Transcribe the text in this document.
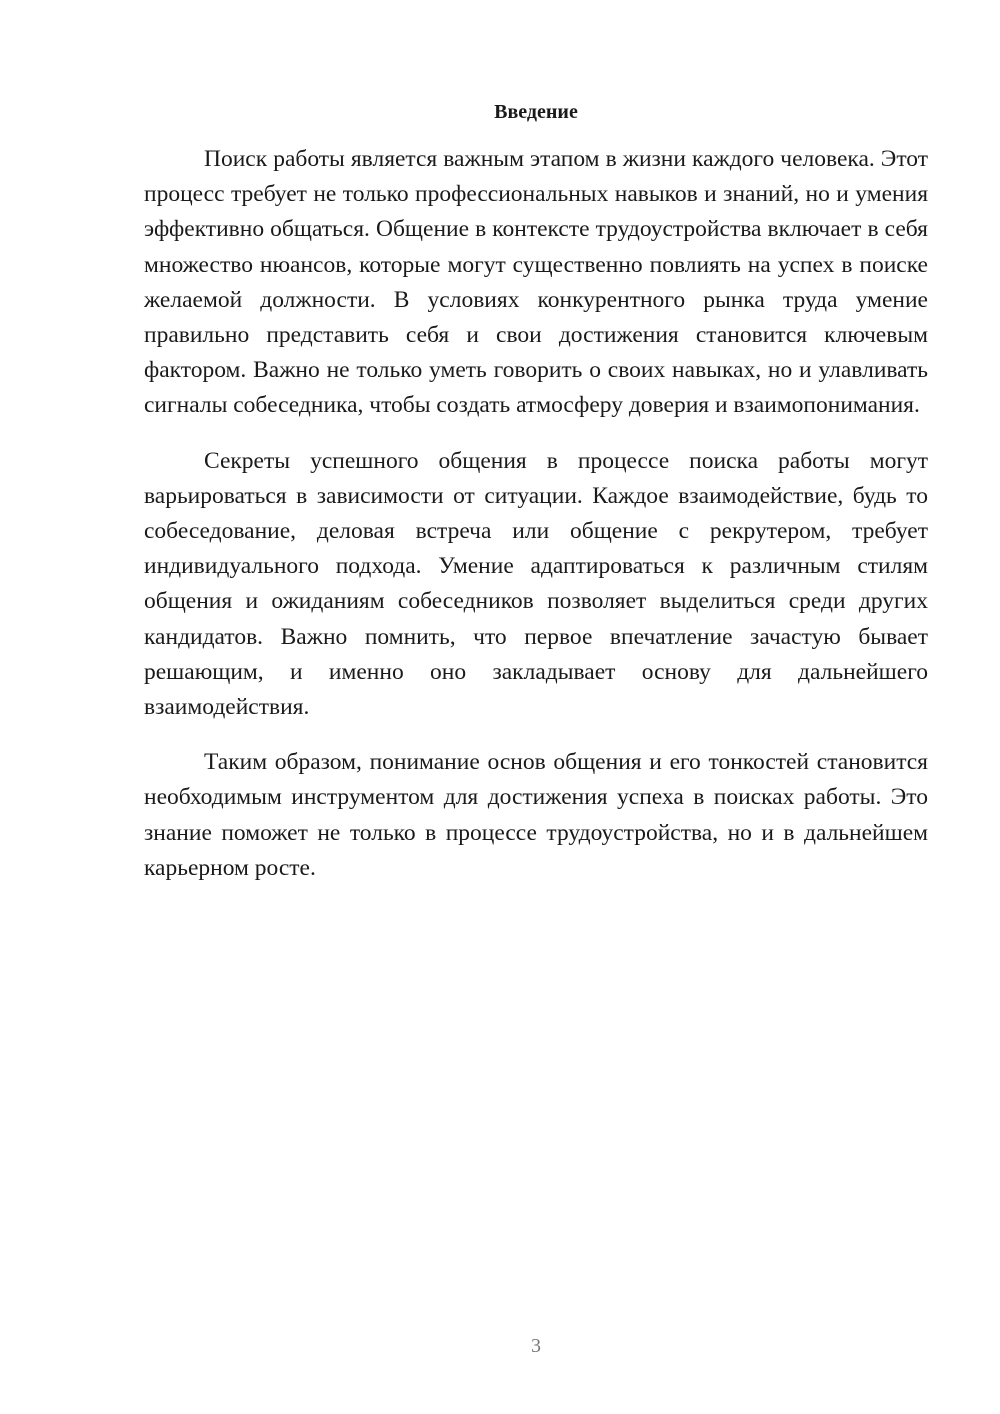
Введение

Поиск работы является важным этапом в жизни каждого человека. Этот процесс требует не только профессиональных навыков и знаний, но и умения эффективно общаться. Общение в контексте трудоустройства включает в себя множество нюансов, которые могут существенно повлиять на успех в поиске желаемой должности. В условиях конкурентного рынка труда умение правильно представить себя и свои достижения становится ключевым фактором. Важно не только уметь говорить о своих навыках, но и улавливать сигналы собеседника, чтобы создать атмосферу доверия и взаимопонимания.

Секреты успешного общения в процессе поиска работы могут варьироваться в зависимости от ситуации. Каждое взаимодействие, будь то собеседование, деловая встреча или общение с рекрутером, требует индивидуального подхода. Умение адаптироваться к различным стилям общения и ожиданиям собеседников позволяет выделиться среди других кандидатов. Важно помнить, что первое впечатление зачастую бывает решающим, и именно оно закладывает основу для дальнейшего взаимодействия.

Таким образом, понимание основ общения и его тонкостей становится необходимым инструментом для достижения успеха в поисках работы. Это знание поможет не только в процессе трудоустройства, но и в дальнейшем карьерном росте.

3
